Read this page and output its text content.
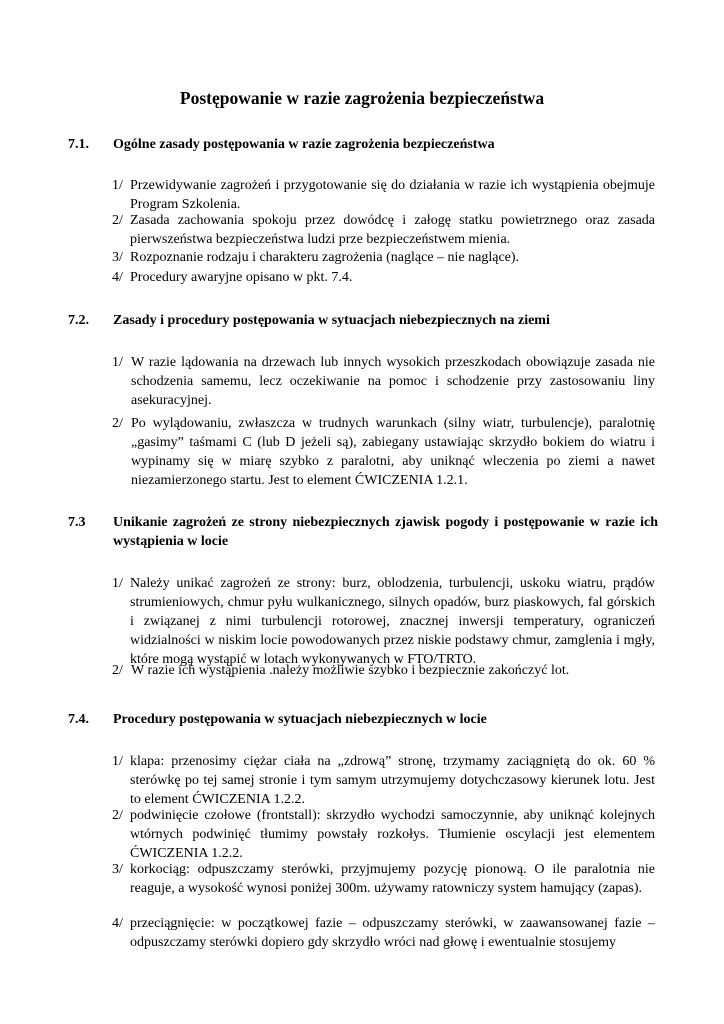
Postępowanie w razie zagrożenia bezpieczeństwa
7.1. Ogólne zasady postępowania w razie zagrożenia bezpieczeństwa
1/ Przewidywanie zagrożeń i przygotowanie się do działania w razie ich wystąpienia obejmuje Program Szkolenia.
2/ Zasada zachowania spokoju przez dowódcę i załogę statku powietrznego oraz zasada pierwszeństwa bezpieczeństwa ludzi prze bezpieczeństwem mienia.
3/ Rozpoznanie rodzaju i charakteru zagrożenia (naglące – nie naglące).
4/ Procedury awaryjne opisano w pkt. 7.4.
7.2. Zasady i procedury postępowania w sytuacjach niebezpiecznych na ziemi
1/ W razie lądowania na drzewach lub innych wysokich przeszkodach obowiązuje zasada nie schodzenia samemu, lecz oczekiwanie na pomoc i schodzenie przy zastosowaniu liny asekuracyjnej.
2/ Po wylądowaniu, zwłaszcza w trudnych warunkach (silny wiatr, turbulencje), paralotnię „gasimy” taśmami C (lub D jeżeli są), zabiegany ustawiając skrzydło bokiem do wiatru i wypinamy się w miarę szybko z paralotni, aby uniknąć wleczenia po ziemi a nawet niezamierzonego startu. Jest to element ĆWICZENIA 1.2.1.
7.3 Unikanie zagrożeń ze strony niebezpiecznych zjawisk pogody i postępowanie w razie ich wystąpienia w locie
1/ Należy unikać zagrożeń ze strony: burz, oblodzenia, turbulencji, uskoku wiatru, prądów strumieniowych, chmur pyłu wulkanicznego, silnych opadów, burz piaskowych, fal górskich i związanej z nimi turbulencji rotorowej, znacznej inwersji temperatury, ograniczeń widzialności w niskim locie powodowanych przez niskie podstawy chmur, zamglenia i mgły, które mogą wystąpić w lotach wykonywanych w FTO/TRTO.
2/ W razie ich wystąpienia .należy możliwie szybko i bezpiecznie zakończyć lot.
7.4. Procedury postępowania w sytuacjach niebezpiecznych w locie
1/ klapa: przenosimy ciężar ciała na „zdrową” stronę, trzymamy zaciągniętą do ok. 60 % sterówkę po tej samej stronie i tym samym utrzymujemy dotychczasowy kierunek lotu. Jest to element ĆWICZENIA 1.2.2.
2/ podwinięcie czołowe (frontstall): skrzydło wychodzi samoczynnie, aby uniknąć kolejnych wtórnych podwinięć tłumimy powstały rozkołys. Tłumienie oscylacji jest elementem ĆWICZENIA 1.2.2.
3/ korkociąg: odpuszczamy sterówki, przyjmujemy pozycję pionową. O ile paralotnia nie reaguje, a wysokość wynosi poniżej 300m. używamy ratowniczy system hamujący (zapas).
4/ przeciągnięcie: w początkowej fazie – odpuszczamy sterówki, w zaawansowanej fazie – odpuszczamy sterówki dopiero gdy skrzydło wróci nad głowę i ewentualnie stosujemy
